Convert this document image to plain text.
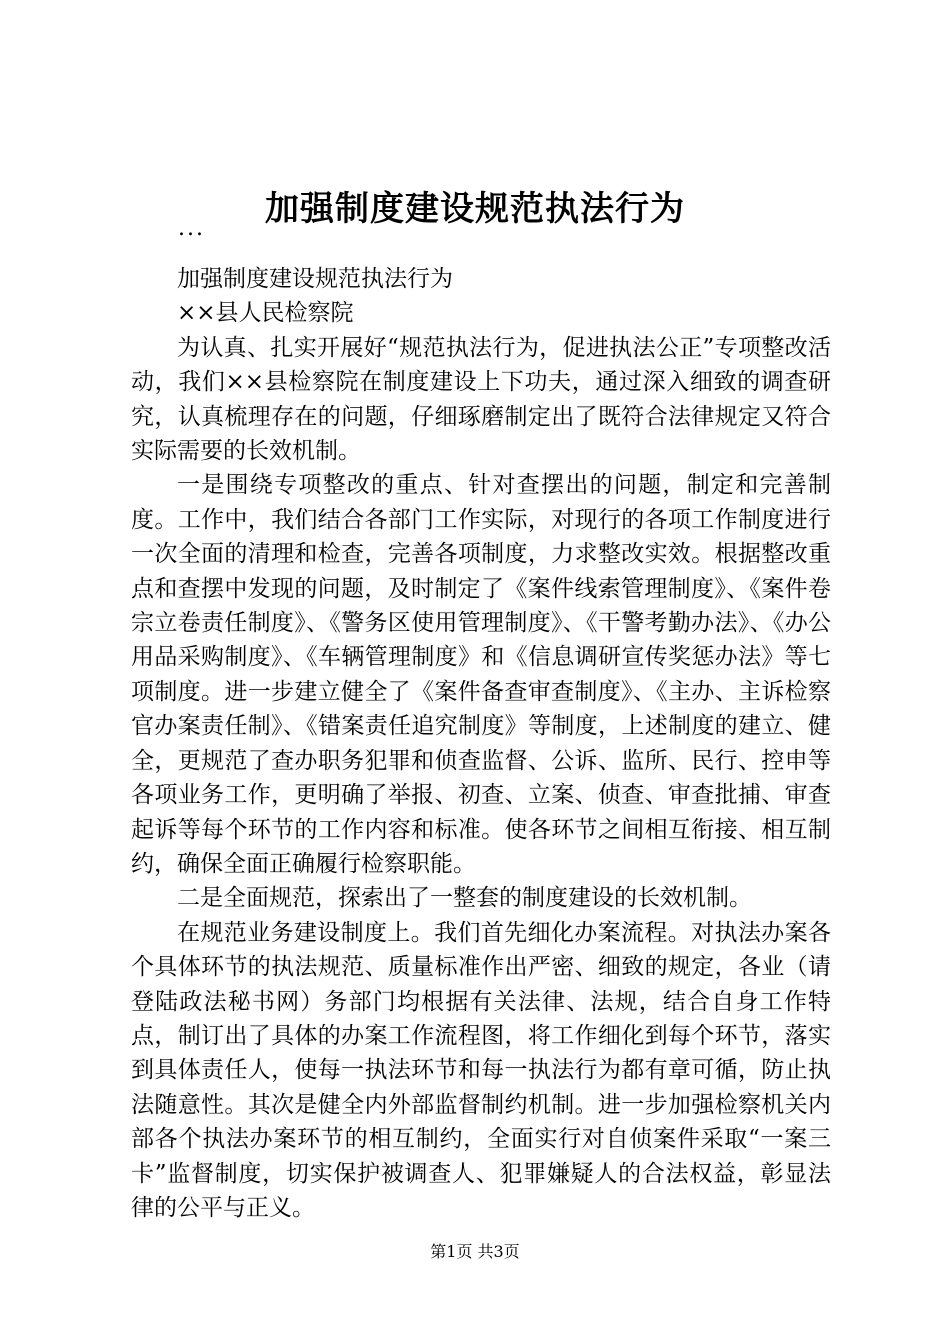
加强制度建设规范执法行为
...

加强制度建设规范执法行为

××县人民检察院

为认真、扎实开展好“规范执法行为，促进执法公正”专项整改活动，我们××县检察院在制度建设上下功夫，通过深入细致的调查研究，认真梳理存在的问题，仔细琢磨制定出了既符合法律规定又符合实际需要的长效机制。

一是围绕专项整改的重点、针对查摆出的问题，制定和完善制度。工作中，我们结合各部门工作实际，对现行的各项工作制度进行一次全面的清理和检查，完善各项制度，力求整改实效。根据整改重点和查摆中发现的问题，及时制定了《案件线索管理制度》、《案件卷宗立卷责任制度》、《警务区使用管理制度》、《干警考勤办法》、《办公用品采购制度》、《车辆管理制度》和《信息调研宣传奖惩办法》等七项制度。进一步建立健全了《案件备查审查制度》、《主办、主诉检察官办案责任制》、《错案责任追究制度》等制度，上述制度的建立、健全，更规范了查办职务犯罪和侦查监督、公诉、监所、民行、控申等各项业务工作，更明确了举报、初查、立案、侦查、审查批捕、审查起诉等每个环节的工作内容和标准。使各环节之间相互衔接、相互制约，确保全面正确履行检察职能。

二是全面规范，探索出了一整套的制度建设的长效机制。

在规范业务建设制度上。我们首先细化办案流程。对执法办案各个具体环节的执法规范、质量标准作出严密、细致的规定，各业（请登陆政法秘书网）务部门均根据有关法律、法规，结合自身工作特点，制订出了具体的办案工作流程图，将工作细化到每个环节，落实到具体责任人，使每一执法环节和每一执法行为都有章可循，防止执法随意性。其次是健全内外部监督制约机制。进一步加强检察机关内部各个执法办案环节的相互制约，全面实行对自侦案件采取“一案三卡”监督制度，切实保护被调查人、犯罪嫌疑人的合法权益，彰显法律的公平与正义。

第1页 共3页
